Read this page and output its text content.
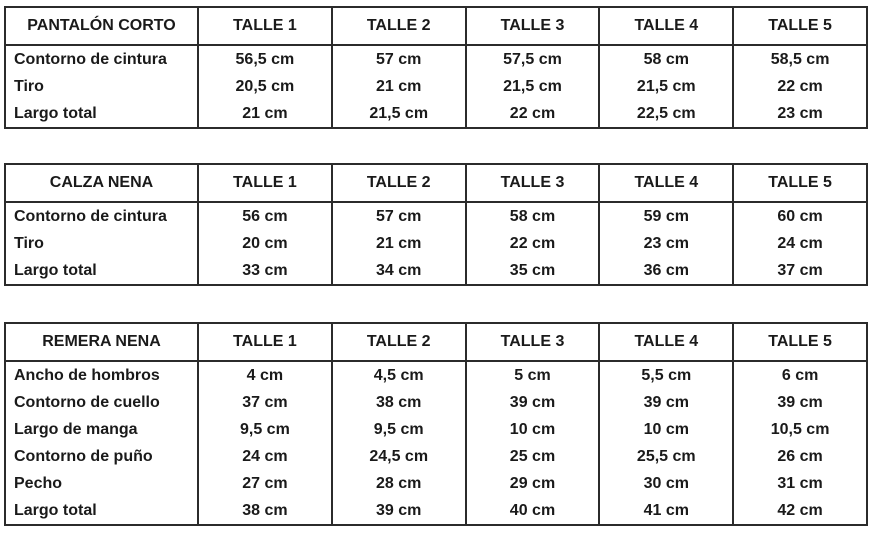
PANTALÓN CORTO	TALLE 1	TALLE 2	TALLE 3	TALLE 4	TALLE 5
Contorno de cintura	56,5 cm	57 cm	57,5 cm	58 cm	58,5 cm
Tiro	20,5 cm	21 cm	21,5 cm	21,5 cm	22 cm
Largo total	21 cm	21,5 cm	22 cm	22,5 cm	23 cm
CALZA NENA	TALLE 1	TALLE 2	TALLE 3	TALLE 4	TALLE 5
Contorno de cintura	56 cm	57 cm	58 cm	59 cm	60 cm
Tiro	20 cm	21 cm	22 cm	23 cm	24 cm
Largo total	33 cm	34 cm	35 cm	36 cm	37 cm
REMERA NENA	TALLE 1	TALLE 2	TALLE 3	TALLE 4	TALLE 5
Ancho de hombros	4 cm	4,5 cm	5 cm	5,5 cm	6 cm
Contorno de cuello	37 cm	38 cm	39 cm	39 cm	39 cm
Largo de manga	9,5 cm	9,5 cm	10 cm	10 cm	10,5 cm
Contorno de puño	24 cm	24,5 cm	25 cm	25,5 cm	26 cm
Pecho	27 cm	28 cm	29 cm	30 cm	31 cm
Largo total	38 cm	39 cm	40 cm	41 cm	42 cm
